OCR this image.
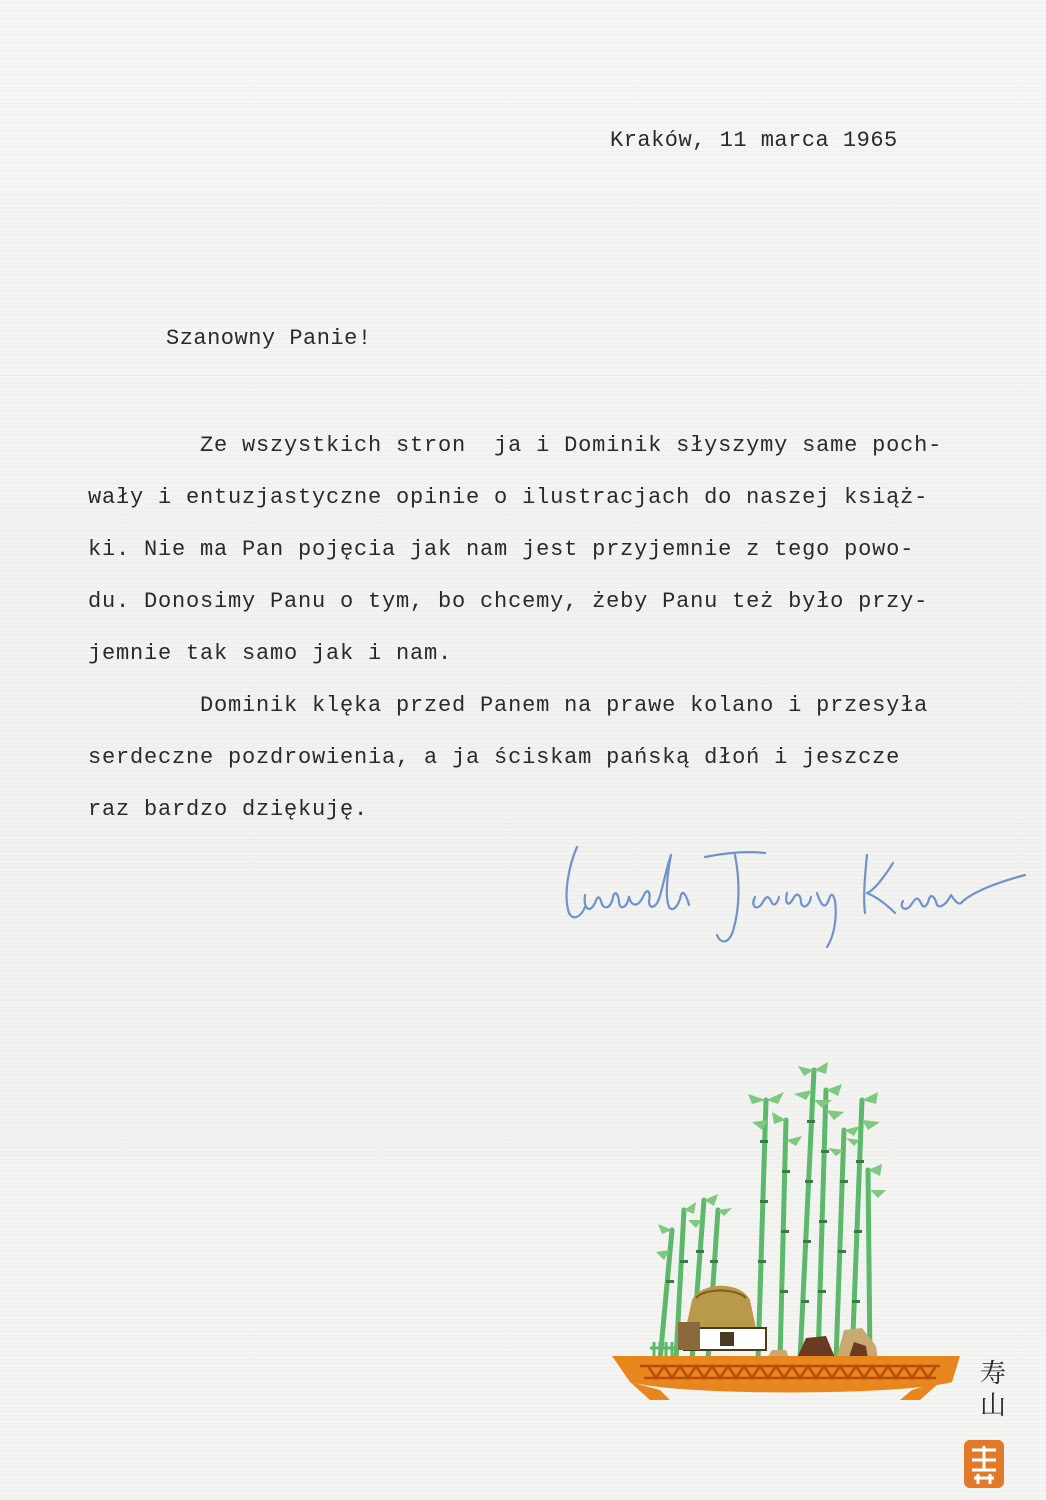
Kraków, 11 marca 1965
Szanowny Panie!

Ze wszystkich stron  ja i Dominik słyszymy same poch-
wały i entuzjastyczne opinie o ilustracjach do naszej książ-
ki. Nie ma Pan pojęcia jak nam jest przyjemnie z tego powo-
du. Donosimy Panu o tym, bo chcemy, żeby Panu też było przy-
jemnie tak samo jak i nam.

Dominik klęka przed Panem na prawe kolano i przesyła
serdeczne pozdrowienia, a ja ściskam pańską dłoń i jeszcze
raz bardzo dziękuję.

寿
山
